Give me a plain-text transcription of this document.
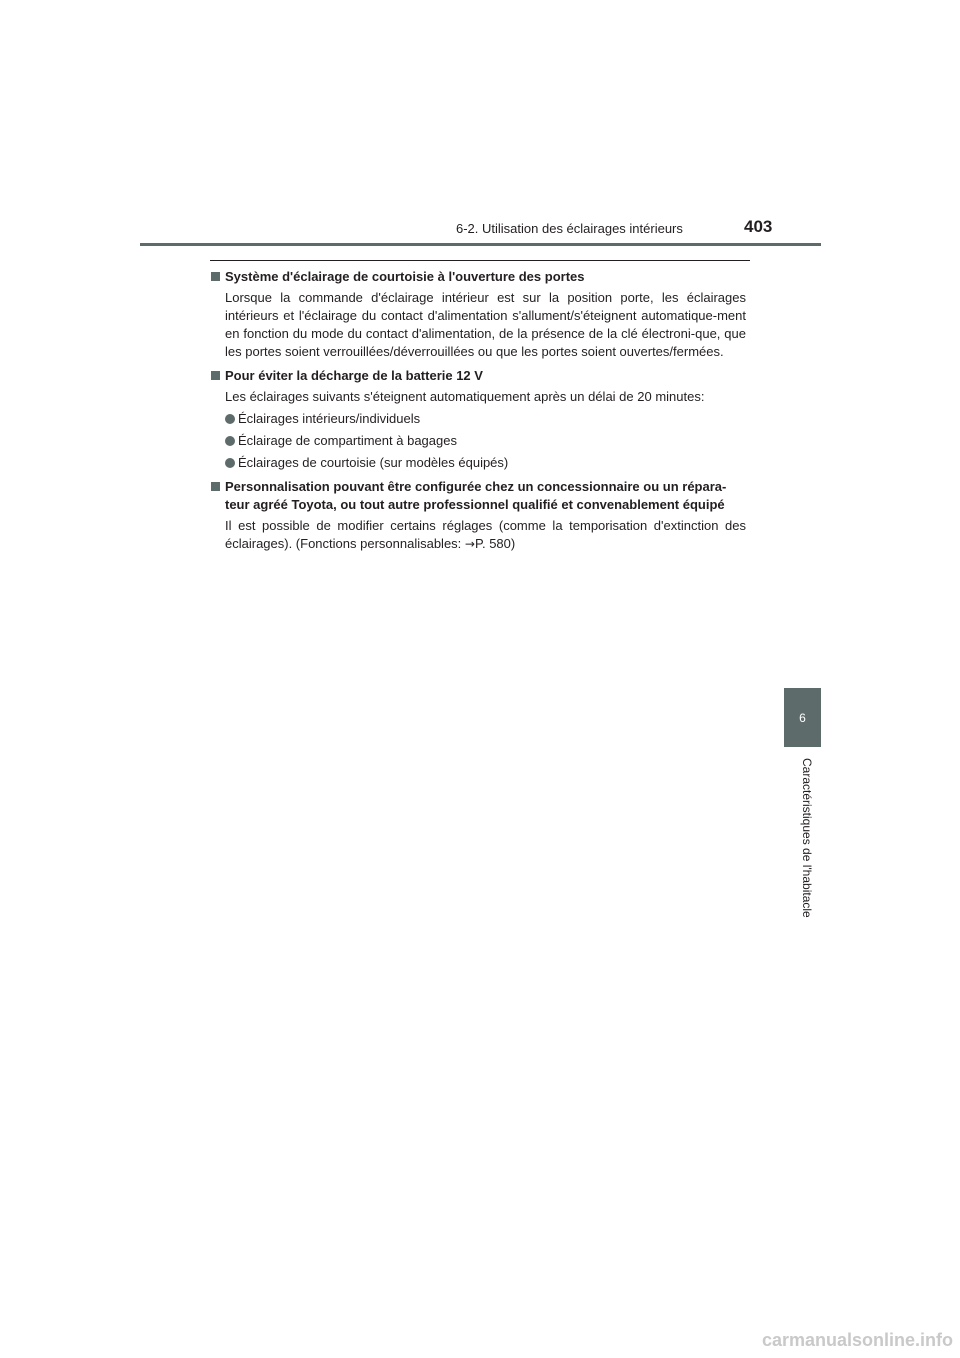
6-2. Utilisation des éclairages intérieurs	403
Système d'éclairage de courtoisie à l'ouverture des portes
Lorsque la commande d'éclairage intérieur est sur la position porte, les éclairages intérieurs et l'éclairage du contact d'alimentation s'allument/s'éteignent automatique-ment en fonction du mode du contact d'alimentation, de la présence de la clé électroni-que, que les portes soient verrouillées/déverrouillées ou que les portes soient ouvertes/fermées.
Pour éviter la décharge de la batterie 12 V
Les éclairages suivants s'éteignent automatiquement après un délai de 20 minutes:
Éclairages intérieurs/individuels
Éclairage de compartiment à bagages
Éclairages de courtoisie (sur modèles équipés)
Personnalisation pouvant être configurée chez un concessionnaire ou un répara-teur agréé Toyota, ou tout autre professionnel qualifié et convenablement équipé
Il est possible de modifier certains réglages (comme la temporisation d'extinction des éclairages). (Fonctions personnalisables: →P. 580)
6
Caractéristiques de l'habitacle
carmanualsonline.info
